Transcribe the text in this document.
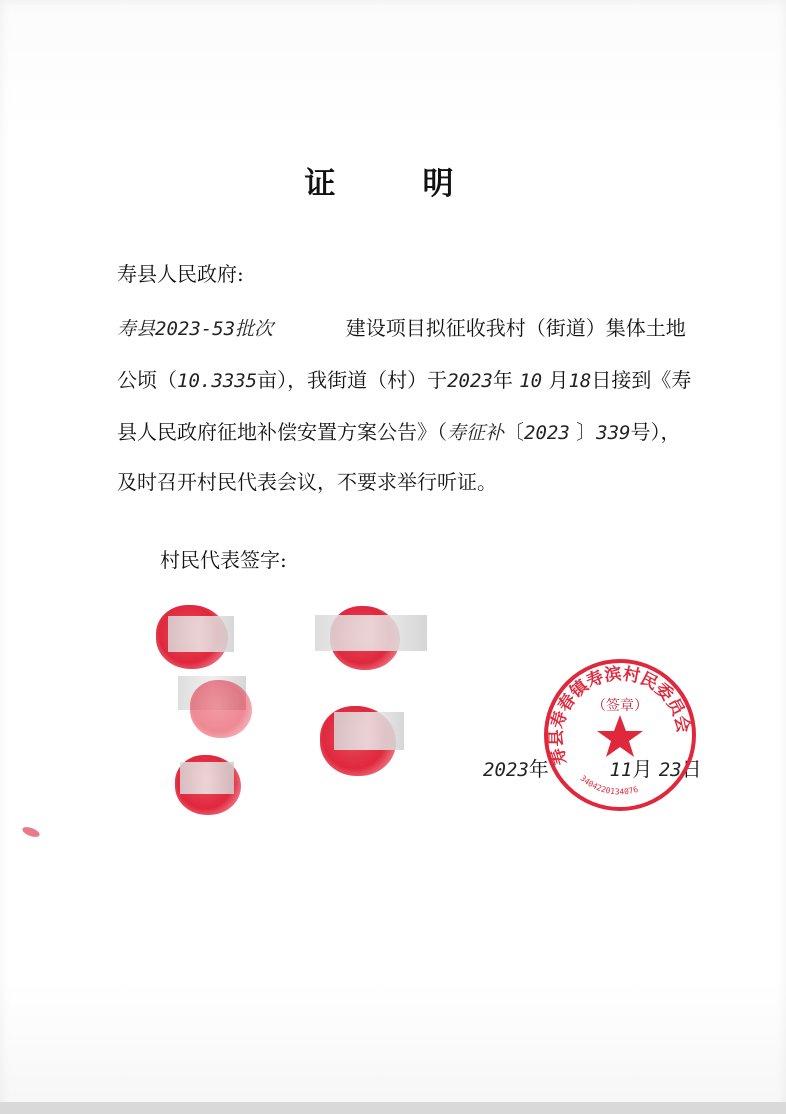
证　明
寿县人民政府:
寿县2023-53批次	建设项目拟征收我村（街道）集体土地
公顷（10.3335亩），我街道（村）于2023年 10 月18日接到《寿
县人民政府征地补偿安置方案公告》（寿征补〔2023 〕339号），
及时召开村民代表会议，不要求举行听证。
村民代表签字:
2023年	11月 23日
寿县寿春镇寿滨村民委员会
3404220134076
（签章）
